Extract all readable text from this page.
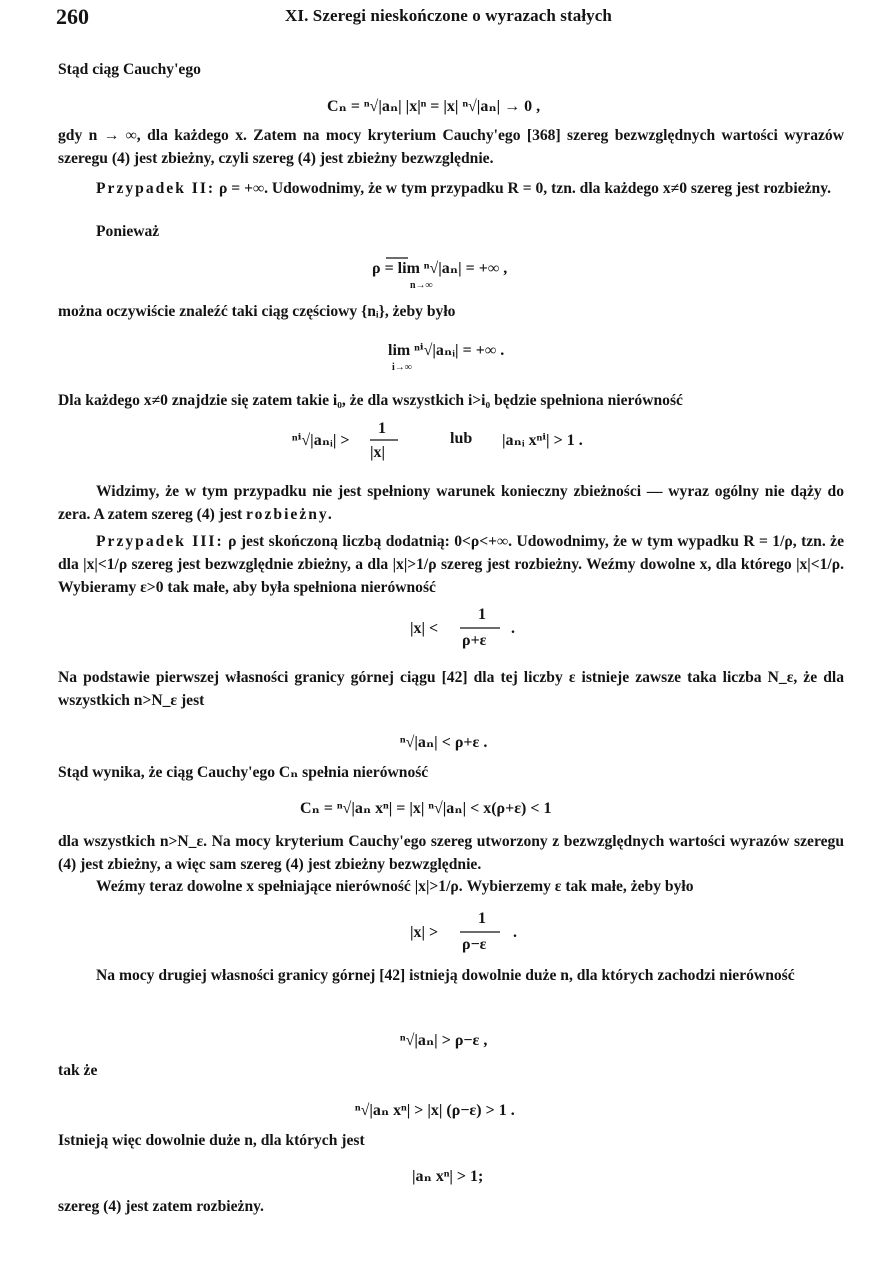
260	XI. Szeregi nieskończone o wyrazach stałych
Stąd ciąg Cauchy'ego
Cₙ = ⁿ√|aₙ| |x|ⁿ = |x| ⁿ√|aₙ| → 0 ,
gdy n → ∞, dla każdego x. Zatem na mocy kryterium Cauchy'ego [368] szereg bezwzględnych wartości wyrazów szeregu (4) jest zbieżny, czyli szereg (4) jest zbieżny bezwzględnie.
Przypadek II: ρ = +∞. Udowodnimy, że w tym przypadku R = 0, tzn. dla każdego x≠0 szereg jest rozbieżny.
Ponieważ
ρ = lim ⁿ√|aₙ| = +∞ ,
n→∞
można oczywiście znaleźć taki ciąg częściowy {nᵢ}, żeby było
lim ⁿⁱ√|aₙᵢ| = +∞ .
i→∞
Dla każdego x≠0 znajdzie się zatem takie i₀, że dla wszystkich i>i₀ będzie spełniona nierówność
ⁿⁱ√|aₙᵢ| >
1
|x|
lub |aₙᵢ xⁿⁱ| > 1 .
Widzimy, że w tym przypadku nie jest spełniony warunek konieczny zbieżności — wyraz ogólny nie dąży do zera. A zatem szereg (4) jest rozbieżny.
Przypadek III: ρ jest skończoną liczbą dodatnią: 0<ρ<+∞. Udowodnimy, że w tym wypadku R = 1/ρ, tzn. że dla |x|<1/ρ szereg jest bezwzględnie zbieżny, a dla |x|>1/ρ szereg jest rozbieżny. Weźmy dowolne x, dla którego |x|<1/ρ. Wybieramy ε>0 tak małe, aby była spełniona nierówność
|x| <
1
ρ+ε
.
Na podstawie pierwszej własności granicy górnej ciągu [42] dla tej liczby ε istnieje zawsze taka liczba N_ε, że dla wszystkich n>N_ε jest
ⁿ√|aₙ| < ρ+ε .
Stąd wynika, że ciąg Cauchy'ego Cₙ spełnia nierówność
Cₙ = ⁿ√|aₙ xⁿ| = |x| ⁿ√|aₙ| < x(ρ+ε) < 1
dla wszystkich n>N_ε. Na mocy kryterium Cauchy'ego szereg utworzony z bezwzględnych wartości wyrazów szeregu (4) jest zbieżny, a więc sam szereg (4) jest zbieżny bezwzględnie.
Weźmy teraz dowolne x spełniające nierówność |x|>1/ρ. Wybierzemy ε tak małe, żeby było
|x| >
1
ρ−ε
.
Na mocy drugiej własności granicy górnej [42] istnieją dowolnie duże n, dla których zachodzi nierówność
ⁿ√|aₙ| > ρ−ε ,
tak że
ⁿ√|aₙ xⁿ| > |x| (ρ−ε) > 1 .
Istnieją więc dowolnie duże n, dla których jest
|aₙ xⁿ| > 1;
szereg (4) jest zatem rozbieżny.
